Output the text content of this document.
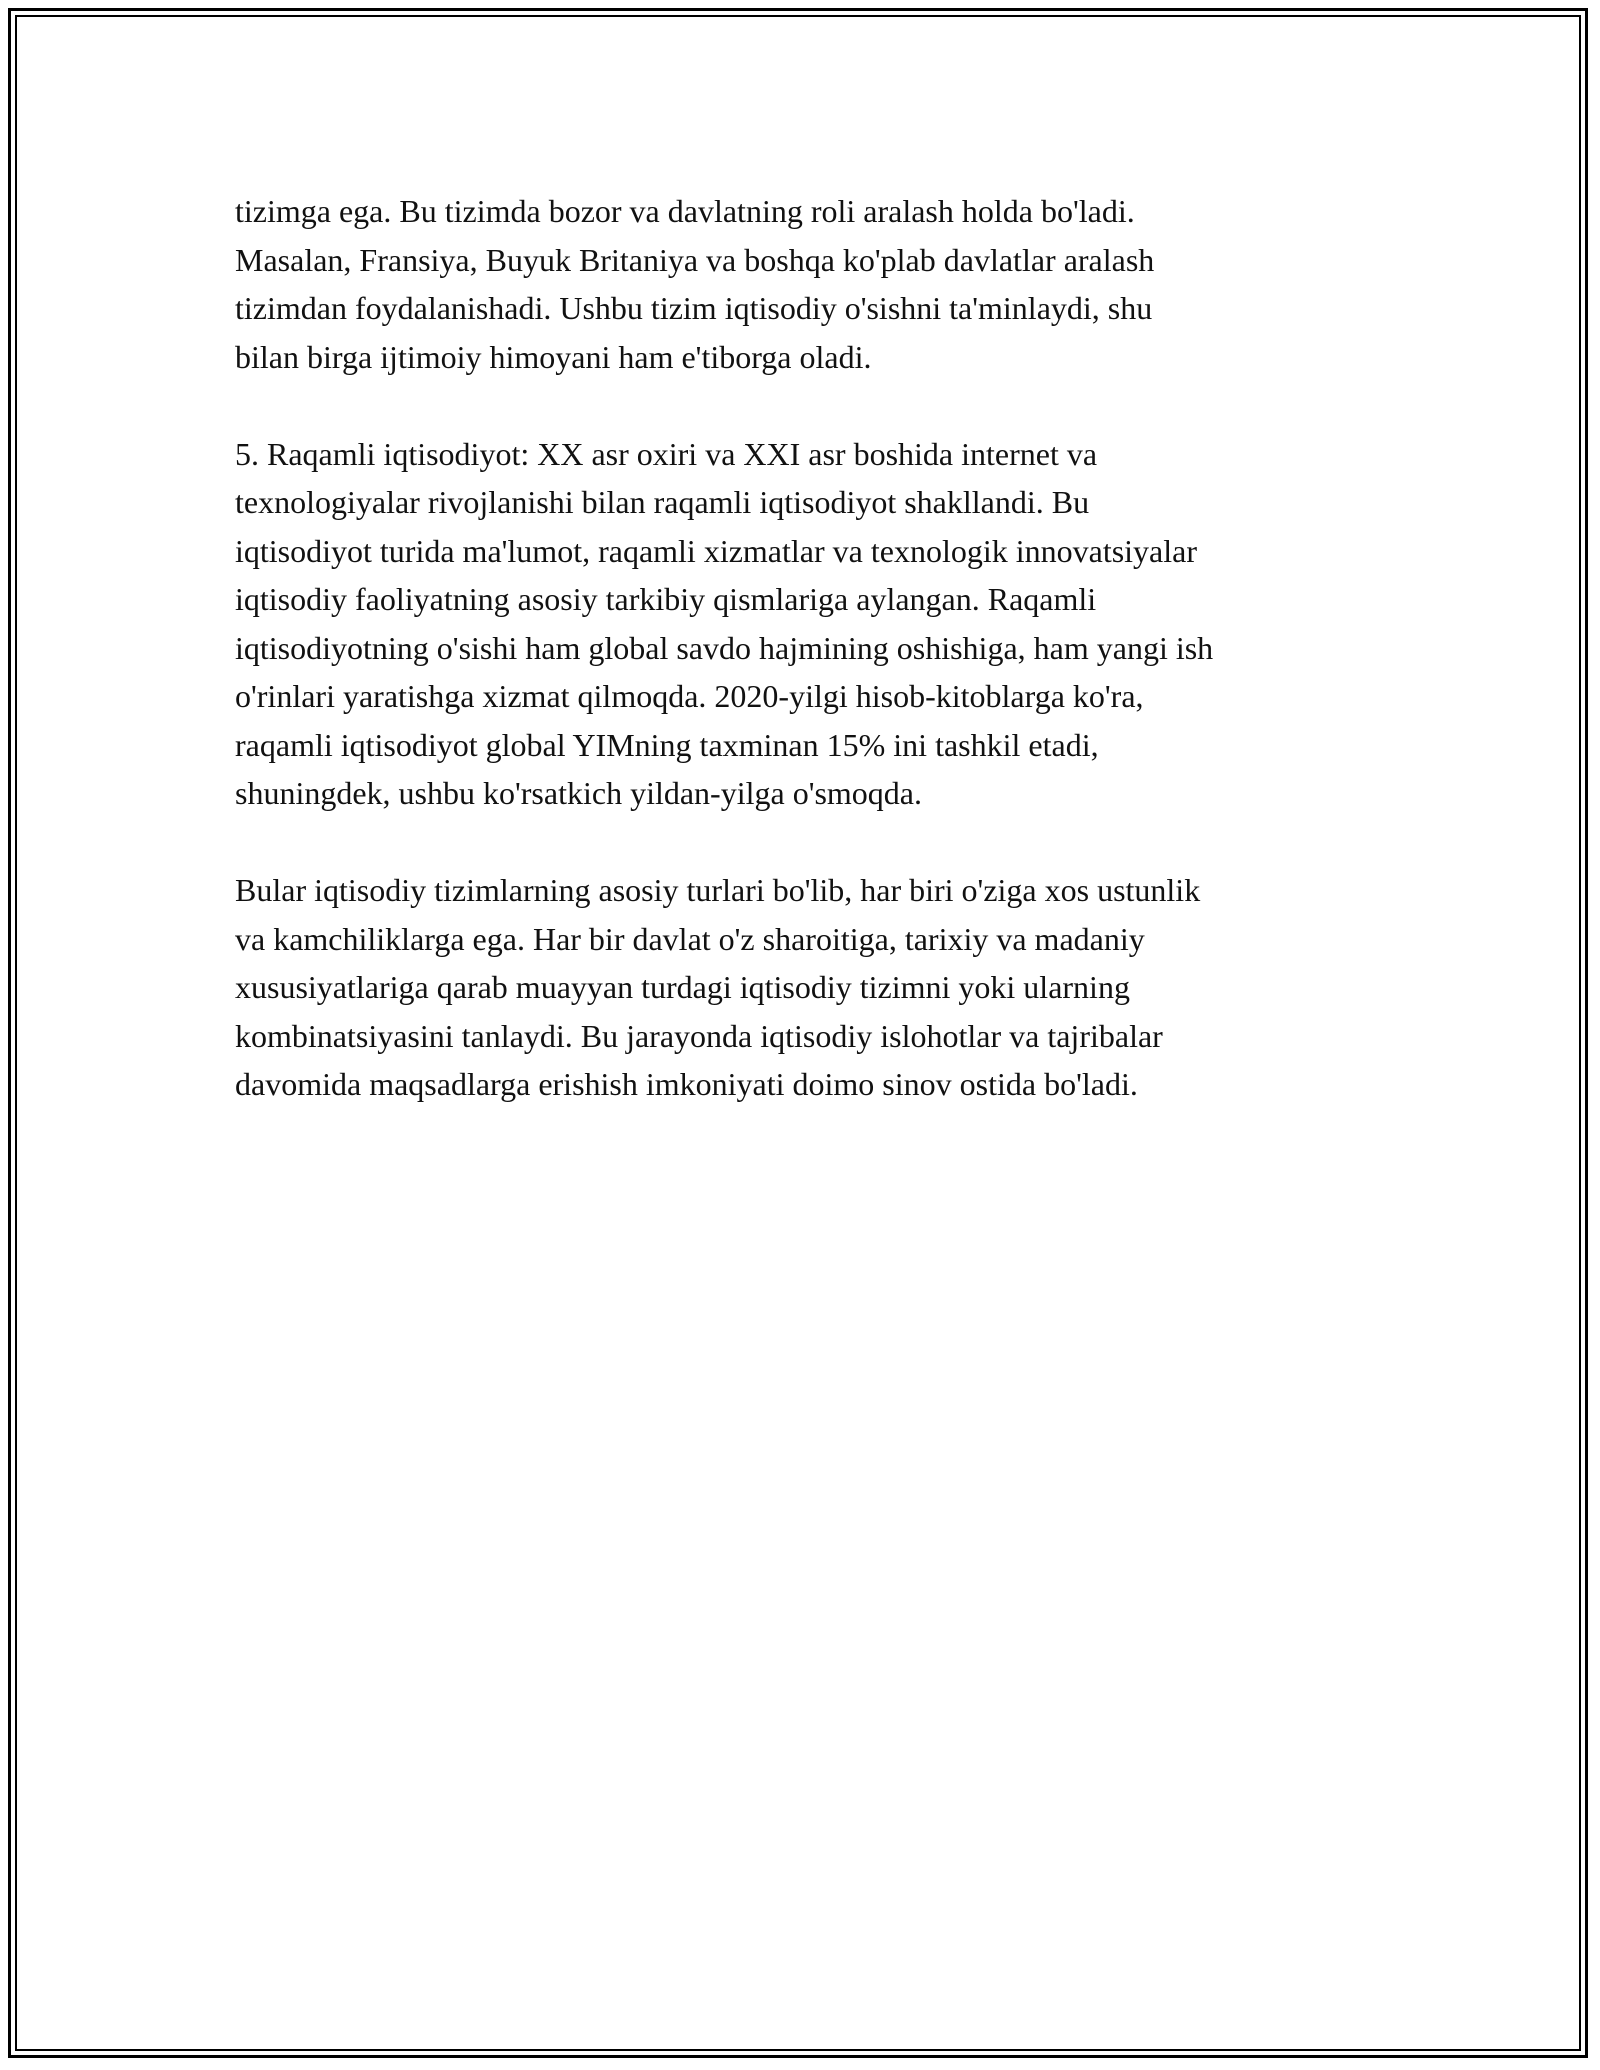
tizimga ega. Bu tizimda bozor va davlatning roli aralash holda bo'ladi.
Masalan, Fransiya, Buyuk Britaniya va boshqa ko'plab davlatlar aralash
tizimdan foydalanishadi. Ushbu tizim iqtisodiy o'sishni ta'minlaydi, shu
bilan birga ijtimoiy himoyani ham e'tiborga oladi.

5. Raqamli iqtisodiyot: XX asr oxiri va XXI asr boshida internet va
texnologiyalar rivojlanishi bilan raqamli iqtisodiyot shakllandi. Bu
iqtisodiyot turida ma'lumot, raqamli xizmatlar va texnologik innovatsiyalar
iqtisodiy faoliyatning asosiy tarkibiy qismlariga aylangan. Raqamli
iqtisodiyotning o'sishi ham global savdo hajmining oshishiga, ham yangi ish
o'rinlari yaratishga xizmat qilmoqda. 2020-yilgi hisob-kitoblarga ko'ra,
raqamli iqtisodiyot global YIMning taxminan 15% ini tashkil etadi,
shuningdek, ushbu ko'rsatkich yildan-yilga o'smoqda.

Bular iqtisodiy tizimlarning asosiy turlari bo'lib, har biri o'ziga xos ustunlik
va kamchiliklarga ega. Har bir davlat o'z sharoitiga, tarixiy va madaniy
xususiyatlariga qarab muayyan turdagi iqtisodiy tizimni yoki ularning
kombinatsiyasini tanlaydi. Bu jarayonda iqtisodiy islohotlar va tajribalar
davomida maqsadlarga erishish imkoniyati doimo sinov ostida bo'ladi.
